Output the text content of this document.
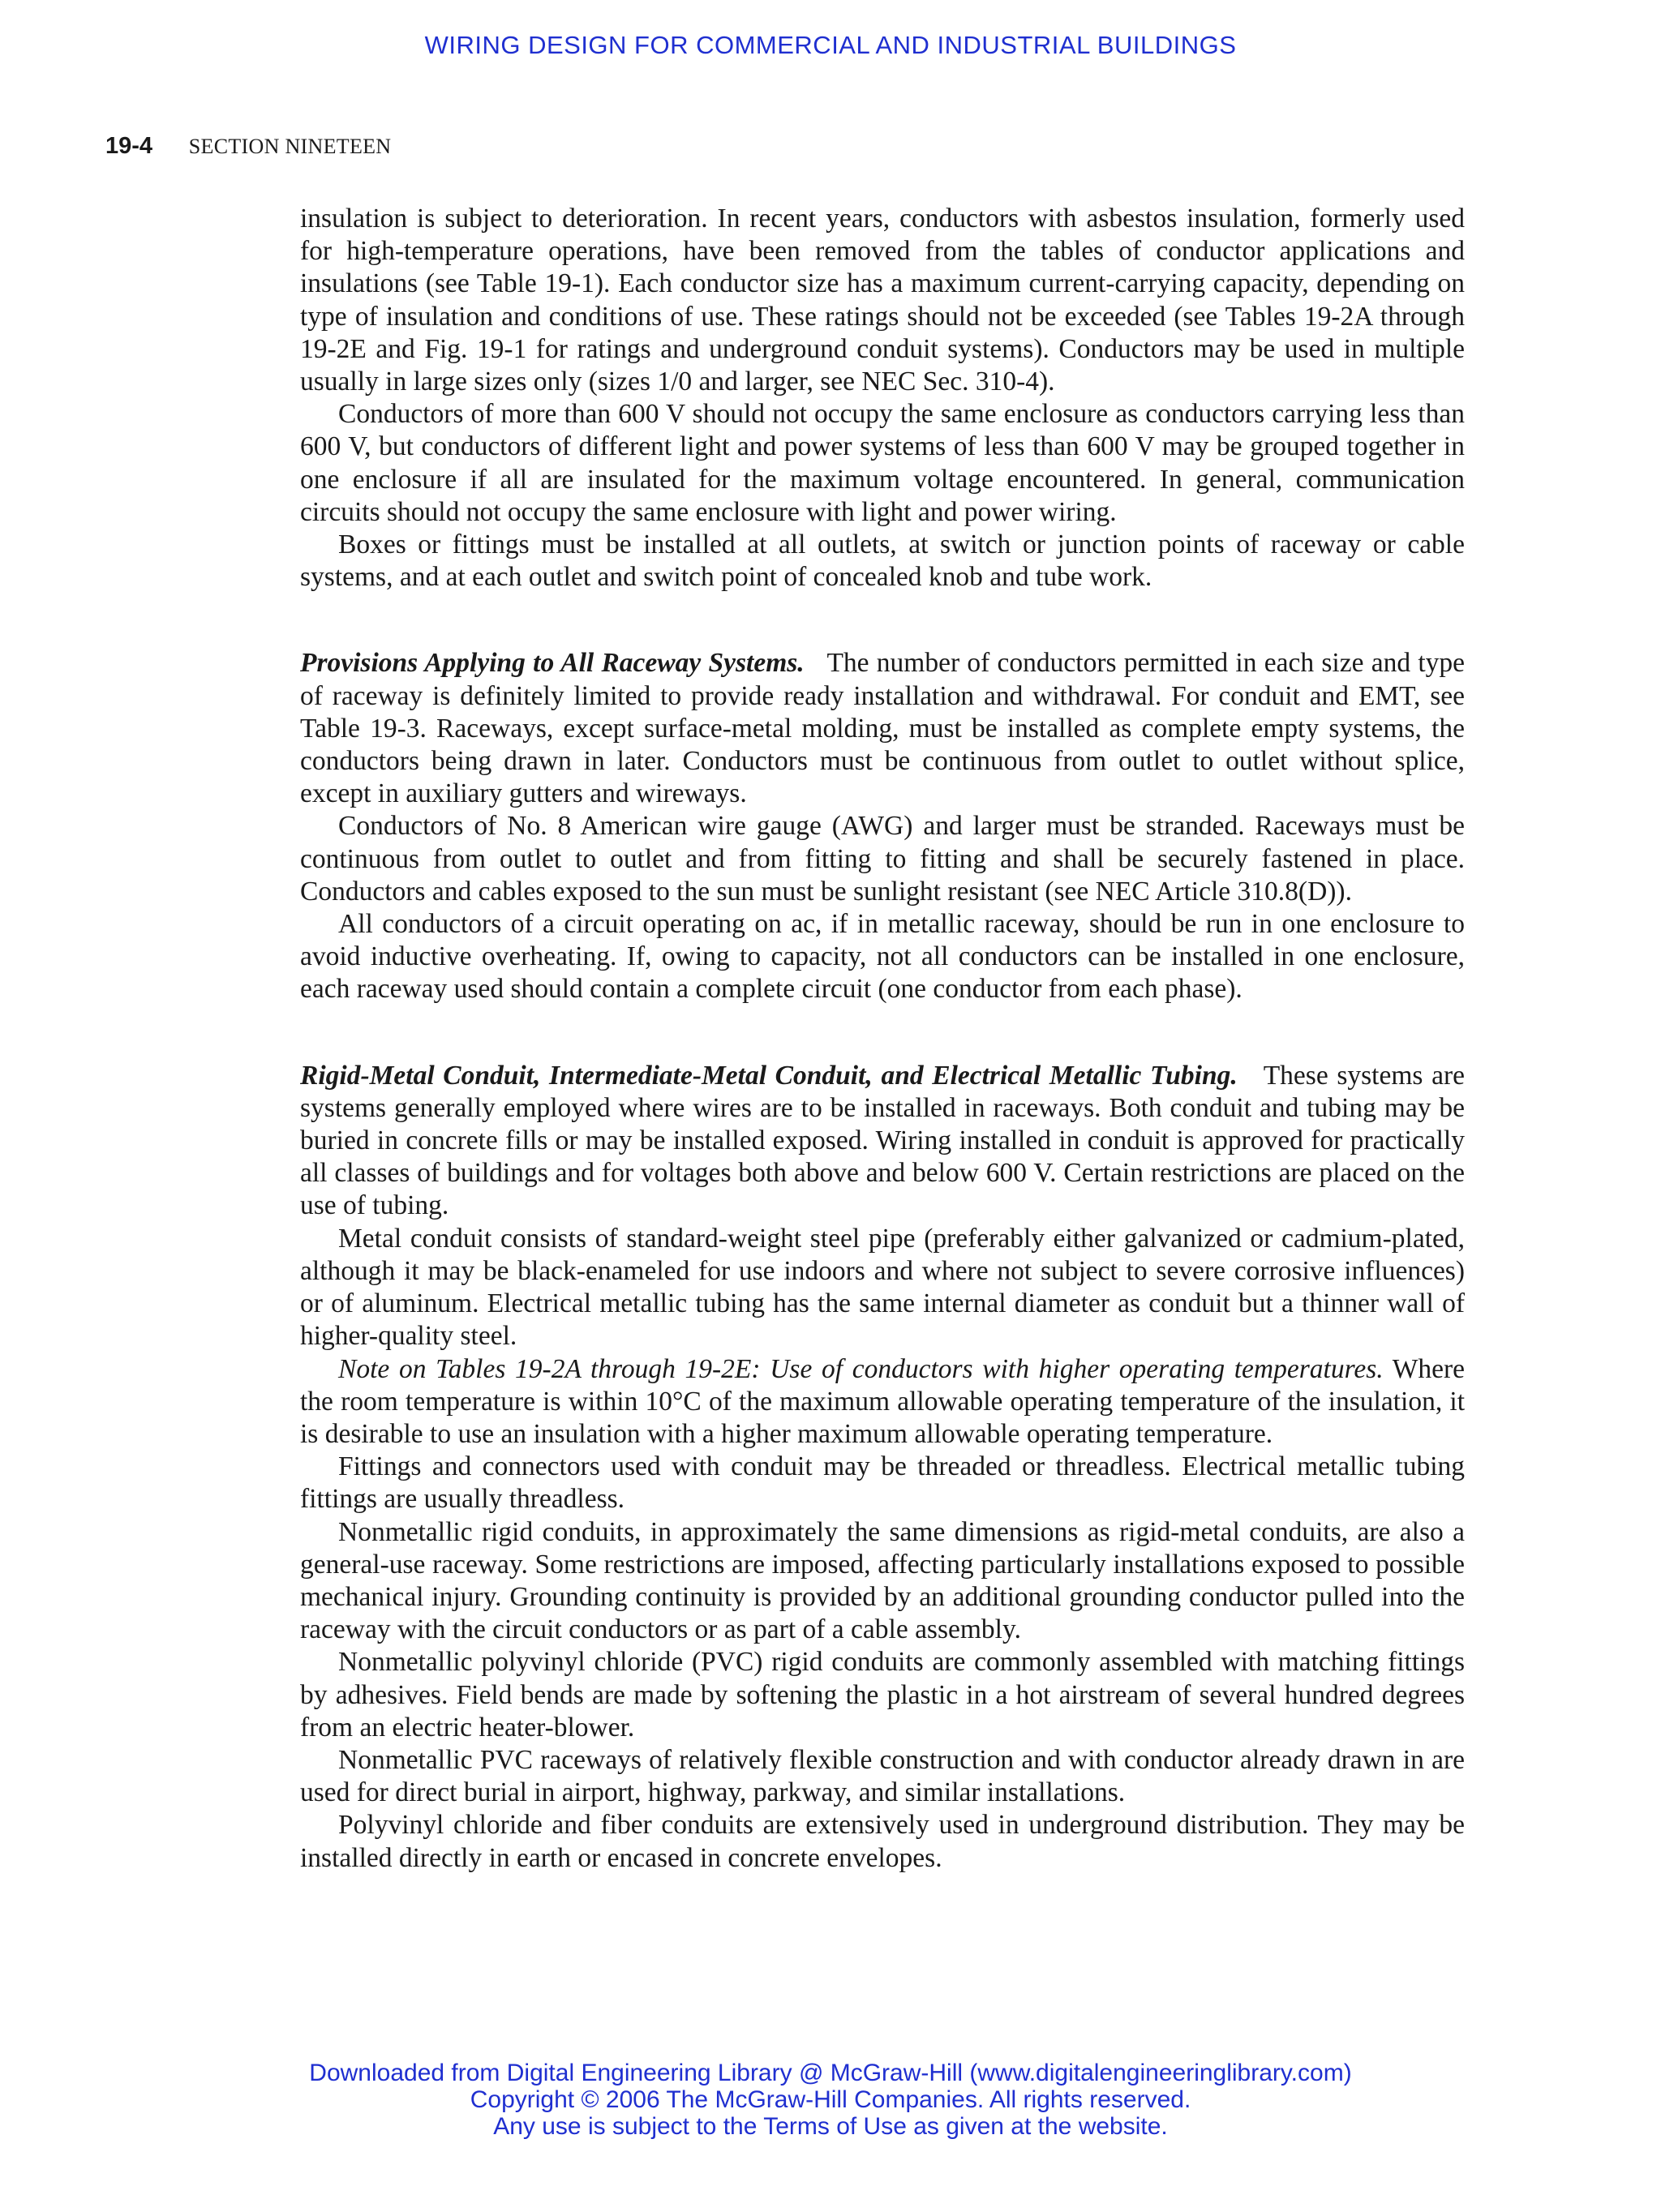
WIRING DESIGN FOR COMMERCIAL AND INDUSTRIAL BUILDINGS
19-4 SECTION NINETEEN

insulation is subject to deterioration. In recent years, conductors with asbestos insulation, formerly used for high-temperature operations, have been removed from the tables of conductor applications and insulations (see Table 19-1). Each conductor size has a maximum current-carrying capacity, depending on type of insulation and conditions of use. These ratings should not be exceeded (see Tables 19-2A through 19-2E and Fig. 19-1 for ratings and underground conduit systems). Conductors may be used in multiple usually in large sizes only (sizes 1/0 and larger, see NEC Sec. 310-4).

Conductors of more than 600 V should not occupy the same enclosure as conductors carrying less than 600 V, but conductors of different light and power systems of less than 600 V may be grouped together in one enclosure if all are insulated for the maximum voltage encountered. In general, communication circuits should not occupy the same enclosure with light and power wiring.

Boxes or fittings must be installed at all outlets, at switch or junction points of raceway or cable systems, and at each outlet and switch point of concealed knob and tube work.

Provisions Applying to All Raceway Systems. The number of conductors permitted in each size and type of raceway is definitely limited to provide ready installation and withdrawal. For conduit and EMT, see Table 19-3. Raceways, except surface-metal molding, must be installed as complete empty systems, the conductors being drawn in later. Conductors must be continuous from outlet to outlet without splice, except in auxiliary gutters and wireways.

Conductors of No. 8 American wire gauge (AWG) and larger must be stranded. Raceways must be continuous from outlet to outlet and from fitting to fitting and shall be securely fastened in place. Conductors and cables exposed to the sun must be sunlight resistant (see NEC Article 310.8(D)).

All conductors of a circuit operating on ac, if in metallic raceway, should be run in one enclosure to avoid inductive overheating. If, owing to capacity, not all conductors can be installed in one enclosure, each raceway used should contain a complete circuit (one conductor from each phase).

Rigid-Metal Conduit, Intermediate-Metal Conduit, and Electrical Metallic Tubing. These systems are systems generally employed where wires are to be installed in raceways. Both conduit and tubing may be buried in concrete fills or may be installed exposed. Wiring installed in conduit is approved for practically all classes of buildings and for voltages both above and below 600 V. Certain restrictions are placed on the use of tubing.

Metal conduit consists of standard-weight steel pipe (preferably either galvanized or cadmium-plated, although it may be black-enameled for use indoors and where not subject to severe corrosive influences) or of aluminum. Electrical metallic tubing has the same internal diameter as conduit but a thinner wall of higher-quality steel.

Note on Tables 19-2A through 19-2E: Use of conductors with higher operating temperatures. Where the room temperature is within 10°C of the maximum allowable operating temperature of the insulation, it is desirable to use an insulation with a higher maximum allowable operating temperature.

Fittings and connectors used with conduit may be threaded or threadless. Electrical metallic tubing fittings are usually threadless.

Nonmetallic rigid conduits, in approximately the same dimensions as rigid-metal conduits, are also a general-use raceway. Some restrictions are imposed, affecting particularly installations exposed to possible mechanical injury. Grounding continuity is provided by an additional grounding conductor pulled into the raceway with the circuit conductors or as part of a cable assembly.

Nonmetallic polyvinyl chloride (PVC) rigid conduits are commonly assembled with matching fittings by adhesives. Field bends are made by softening the plastic in a hot airstream of several hundred degrees from an electric heater-blower.

Nonmetallic PVC raceways of relatively flexible construction and with conductor already drawn in are used for direct burial in airport, highway, parkway, and similar installations.

Polyvinyl chloride and fiber conduits are extensively used in underground distribution. They may be installed directly in earth or encased in concrete envelopes.

Downloaded from Digital Engineering Library @ McGraw-Hill (www.digitalengineeringlibrary.com)
Copyright © 2006 The McGraw-Hill Companies. All rights reserved.
Any use is subject to the Terms of Use as given at the website.
